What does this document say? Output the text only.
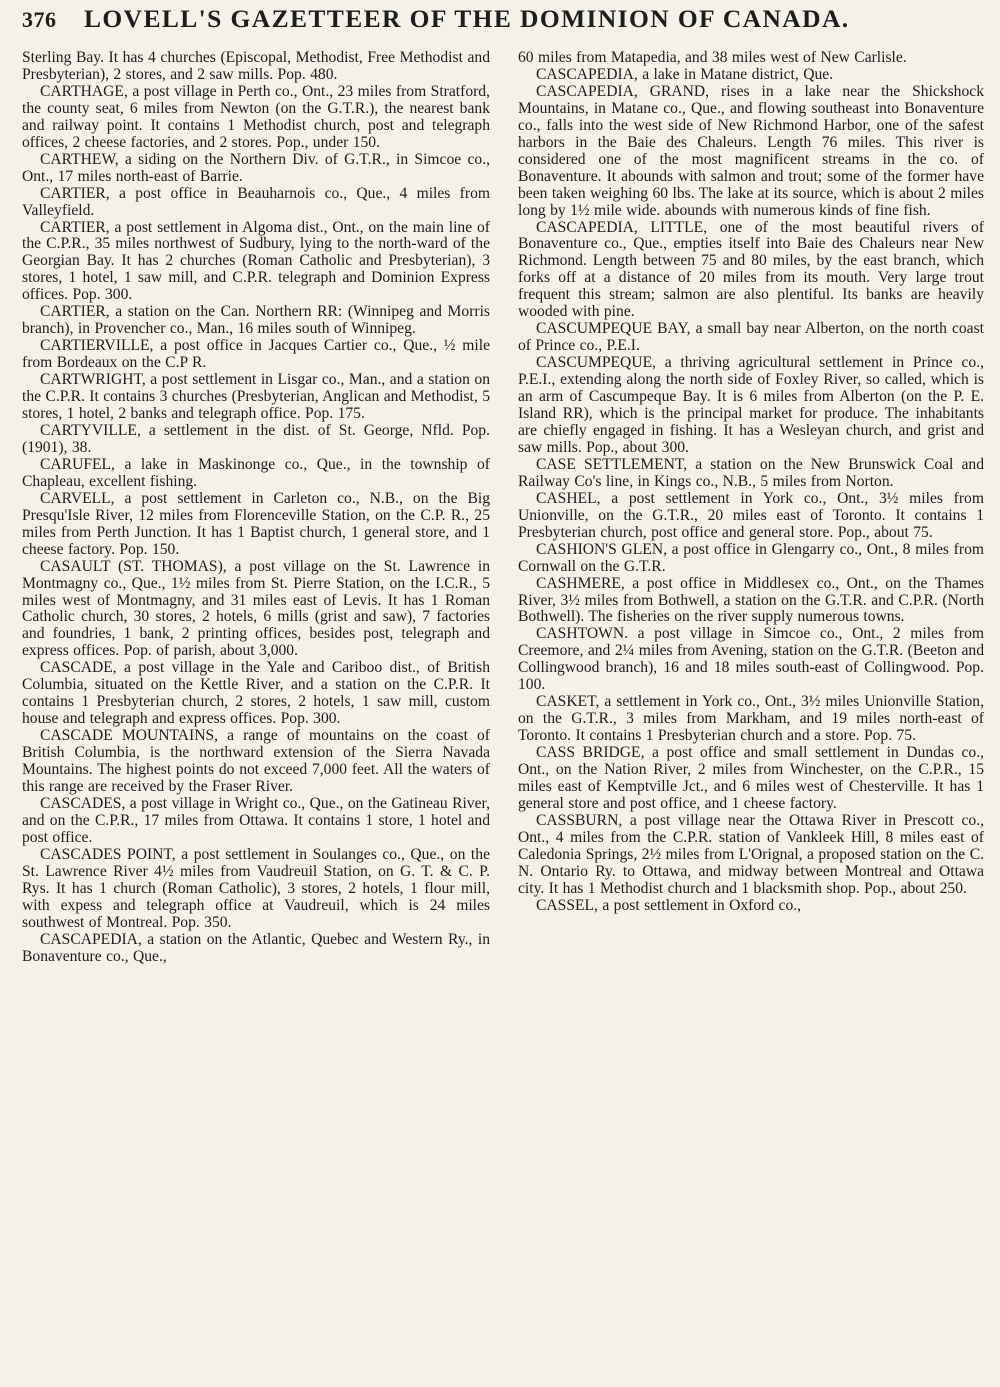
376	LOVELL'S GAZETTEER OF THE DOMINION OF CANADA.

Sterling Bay. It has 4 churches (Episcopal, Methodist, Free Methodist and Presbyterian), 2 stores, and 2 saw mills. Pop. 480.

CARTHAGE, a post village in Perth co., Ont., 23 miles from Stratford, the county seat, 6 miles from Newton (on the G.T.R.), the nearest bank and railway point. It contains 1 Methodist church, post and telegraph offices, 2 cheese factories, and 2 stores. Pop., under 150.

CARTHEW, a siding on the Northern Div. of G.T.R., in Simcoe co., Ont., 17 miles north-east of Barrie.

CARTIER, a post office in Beauharnois co., Que., 4 miles from Valleyfield.

CARTIER, a post settlement in Algoma dist., Ont., on the main line of the C.P.R., 35 miles northwest of Sudbury, lying to the north-ward of the Georgian Bay. It has 2 churches (Roman Catholic and Presbyterian), 3 stores, 1 hotel, 1 saw mill, and C.P.R. telegraph and Dominion Express offices. Pop. 300.

CARTIER, a station on the Can. Northern RR: (Winnipeg and Morris branch), in Provencher co., Man., 16 miles south of Winnipeg.

CARTIERVILLE, a post office in Jacques Cartier co., Que., ½ mile from Bordeaux on the C.P R.

CARTWRIGHT, a post settlement in Lisgar co., Man., and a station on the C.P.R. It contains 3 churches (Presbyterian, Anglican and Methodist, 5 stores, 1 hotel, 2 banks and telegraph office. Pop. 175.

CARTYVILLE, a settlement in the dist. of St. George, Nfld. Pop. (1901), 38.

CARUFEL, a lake in Maskinonge co., Que., in the township of Chapleau, excellent fishing.

CARVELL, a post settlement in Carleton co., N.B., on the Big Presqu'Isle River, 12 miles from Florenceville Station, on the C.P. R., 25 miles from Perth Junction. It has 1 Baptist church, 1 general store, and 1 cheese factory. Pop. 150.

CASAULT (ST. THOMAS), a post village on the St. Lawrence in Montmagny co., Que., 1½ miles from St. Pierre Station, on the I.C.R., 5 miles west of Montmagny, and 31 miles east of Levis. It has 1 Roman Catholic church, 30 stores, 2 hotels, 6 mills (grist and saw), 7 factories and foundries, 1 bank, 2 printing offices, besides post, telegraph and express offices. Pop. of parish, about 3,000.

CASCADE, a post village in the Yale and Cariboo dist., of British Columbia, situated on the Kettle River, and a station on the C.P.R. It contains 1 Presbyterian church, 2 stores, 2 hotels, 1 saw mill, custom house and telegraph and express offices. Pop. 300.

CASCADE MOUNTAINS, a range of mountains on the coast of British Columbia, is the northward extension of the Sierra Navada Mountains. The highest points do not exceed 7,000 feet. All the waters of this range are received by the Fraser River.

CASCADES, a post village in Wright co., Que., on the Gatineau River, and on the C.P.R., 17 miles from Ottawa. It contains 1 store, 1 hotel and post office.

CASCADES POINT, a post settlement in Soulanges co., Que., on the St. Lawrence River 4½ miles from Vaudreuil Station, on G. T. & C. P. Rys. It has 1 church (Roman Catholic), 3 stores, 2 hotels, 1 flour mill, with expess and telegraph office at Vaudreuil, which is 24 miles southwest of Montreal. Pop. 350.

CASCAPEDIA, a station on the Atlantic, Quebec and Western Ry., in Bonaventure co., Que.,

60 miles from Matapedia, and 38 miles west of New Carlisle.

CASCAPEDIA, a lake in Matane district, Que.

CASCAPEDIA, GRAND, rises in a lake near the Shickshock Mountains, in Matane co., Que., and flowing southeast into Bonaventure co., falls into the west side of New Richmond Harbor, one of the safest harbors in the Baie des Chaleurs. Length 76 miles. This river is considered one of the most magnificent streams in the co. of Bonaventure. It abounds with salmon and trout; some of the former have been taken weighing 60 lbs. The lake at its source, which is about 2 miles long by 1½ mile wide. abounds with numerous kinds of fine fish.

CASCAPEDIA, LITTLE, one of the most beautiful rivers of Bonaventure co., Que., empties itself into Baie des Chaleurs near New Richmond. Length between 75 and 80 miles, by the east branch, which forks off at a distance of 20 miles from its mouth. Very large trout frequent this stream; salmon are also plentiful. Its banks are heavily wooded with pine.

CASCUMPEQUE BAY, a small bay near Alberton, on the north coast of Prince co., P.E.I.

CASCUMPEQUE, a thriving agricultural settlement in Prince co., P.E.I., extending along the north side of Foxley River, so called, which is an arm of Cascumpeque Bay. It is 6 miles from Alberton (on the P. E. Island RR), which is the principal market for produce. The inhabitants are chiefly engaged in fishing. It has a Wesleyan church, and grist and saw mills. Pop., about 300.

CASE SETTLEMENT, a station on the New Brunswick Coal and Railway Co's line, in Kings co., N.B., 5 miles from Norton.

CASHEL, a post settlement in York co., Ont., 3½ miles from Unionville, on the G.T.R., 20 miles east of Toronto. It contains 1 Presbyterian church, post office and general store. Pop., about 75.

CASHION'S GLEN, a post office in Glengarry co., Ont., 8 miles from Cornwall on the G.T.R.

CASHMERE, a post office in Middlesex co., Ont., on the Thames River, 3½ miles from Bothwell, a station on the G.T.R. and C.P.R. (North Bothwell). The fisheries on the river supply numerous towns.

CASHTOWN. a post village in Simcoe co., Ont., 2 miles from Creemore, and 2¼ miles from Avening, station on the G.T.R. (Beeton and Collingwood branch), 16 and 18 miles south-east of Collingwood. Pop. 100.

CASKET, a settlement in York co., Ont., 3½ miles Unionville Station, on the G.T.R., 3 miles from Markham, and 19 miles north-east of Toronto. It contains 1 Presbyterian church and a store. Pop. 75.

CASS BRIDGE, a post office and small settlement in Dundas co., Ont., on the Nation River, 2 miles from Winchester, on the C.P.R., 15 miles east of Kemptville Jct., and 6 miles west of Chesterville. It has 1 general store and post office, and 1 cheese factory.

CASSBURN, a post village near the Ottawa River in Prescott co., Ont., 4 miles from the C.P.R. station of Vankleek Hill, 8 miles east of Caledonia Springs, 2½ miles from L'Orignal, a proposed station on the C. N. Ontario Ry. to Ottawa, and midway between Montreal and Ottawa city. It has 1 Methodist church and 1 blacksmith shop. Pop., about 250.

CASSEL, a post settlement in Oxford co.,
